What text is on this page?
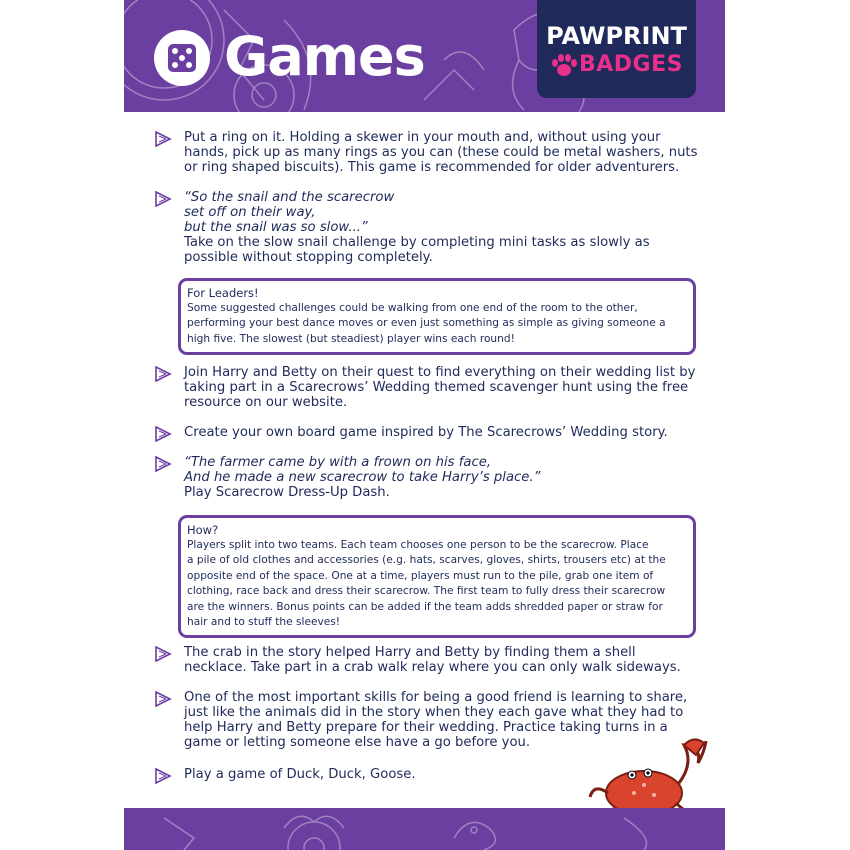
Games	PAWPRINT
BADGES
Put a ring on it. Holding a skewer in your mouth and, without using your
hands, pick up as many rings as you can (these could be metal washers, nuts
or ring shaped biscuits). This game is recommended for older adventurers.
“So the snail and the scarecrow
set off on their way,
but the snail was so slow...”
Take on the slow snail challenge by completing mini tasks as slowly as
possible without stopping completely.
For Leaders!
Some suggested challenges could be walking from one end of the room to the other,
performing your best dance moves or even just something as simple as giving someone a
high five. The slowest (but steadiest) player wins each round!
Join Harry and Betty on their quest to find everything on their wedding list by
taking part in a Scarecrows’ Wedding themed scavenger hunt using the free
resource on our website.
Create your own board game inspired by The Scarecrows’ Wedding story.
“The farmer came by with a frown on his face,
And he made a new scarecrow to take Harry’s place.”
Play Scarecrow Dress-Up Dash.
How?
Players split into two teams. Each team chooses one person to be the scarecrow. Place
a pile of old clothes and accessories (e.g. hats, scarves, gloves, shirts, trousers etc) at the
opposite end of the space. One at a time, players must run to the pile, grab one item of
clothing, race back and dress their scarecrow. The first team to fully dress their scarecrow
are the winners. Bonus points can be added if the team adds shredded paper or straw for
hair and to stuff the sleeves!
The crab in the story helped Harry and Betty by finding them a shell
necklace. Take part in a crab walk relay where you can only walk sideways.
One of the most important skills for being a good friend is learning to share,
just like the animals did in the story when they each gave what they had to
help Harry and Betty prepare for their wedding. Practice taking turns in a
game or letting someone else have a go before you.
Play a game of Duck, Duck, Goose.
